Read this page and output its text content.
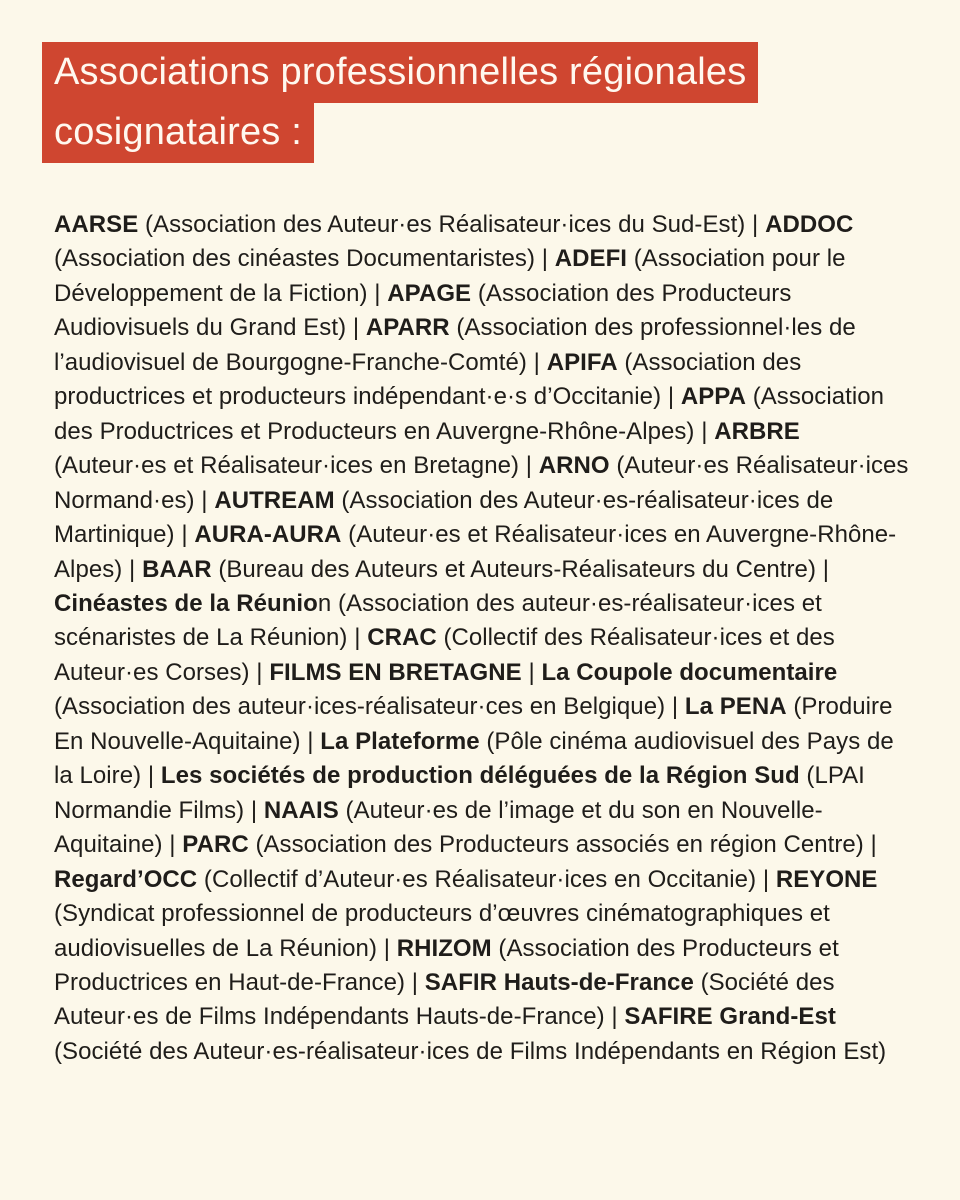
Associations professionnelles régionales
cosignataires :
AARSE (Association des Auteur·es Réalisateur·ices du Sud-Est) | ADDOC (Association des cinéastes Documentaristes) | ADEFI (Association pour le Développement de la Fiction) | APAGE (Association des Producteurs Audiovisuels du Grand Est) | APARR (Association des professionnel·les de l’audiovisuel de Bourgogne-Franche-Comté) | APIFA (Association des productrices et producteurs indépendant·e·s d’Occitanie) | APPA (Association des Productrices et Producteurs en Auvergne-Rhône-Alpes) | ARBRE (Auteur·es et Réalisateur·ices en Bretagne) | ARNO (Auteur·es Réalisateur·ices Normand·es) | AUTREAM (Association des Auteur·es-réalisateur·ices de Martinique) | AURA-AURA (Auteur·es et Réalisateur·ices en Auvergne-Rhône-Alpes) | BAAR (Bureau des Auteurs et Auteurs-Réalisateurs du Centre) | Cinéastes de la Réunion (Association des auteur·es-réalisateur·ices et scénaristes de La Réunion) | CRAC (Collectif des Réalisateur·ices et des Auteur·es Corses) | FILMS EN BRETAGNE | La Coupole documentaire (Association des auteur·ices-réalisateur·ces en Belgique) | La PENA (Produire En Nouvelle-Aquitaine) | La Plateforme (Pôle cinéma audiovisuel des Pays de la Loire) | Les sociétés de production déléguées de la Région Sud (LPAI Normandie Films) | NAAIS (Auteur·es de l’image et du son en Nouvelle-Aquitaine) | PARC (Association des Producteurs associés en région Centre) | Regard’OCC (Collectif d’Auteur·es Réalisateur·ices en Occitanie) | REYONE (Syndicat professionnel de producteurs d’œuvres cinématographiques et audiovisuelles de La Réunion) | RHIZOM (Association des Producteurs et Productrices en Haut-de-France) | SAFIR Hauts-de-France (Société des Auteur·es de Films Indépendants Hauts-de-France) | SAFIRE Grand-Est (Société des Auteur·es-réalisateur·ices de Films Indépendants en Région Est)
